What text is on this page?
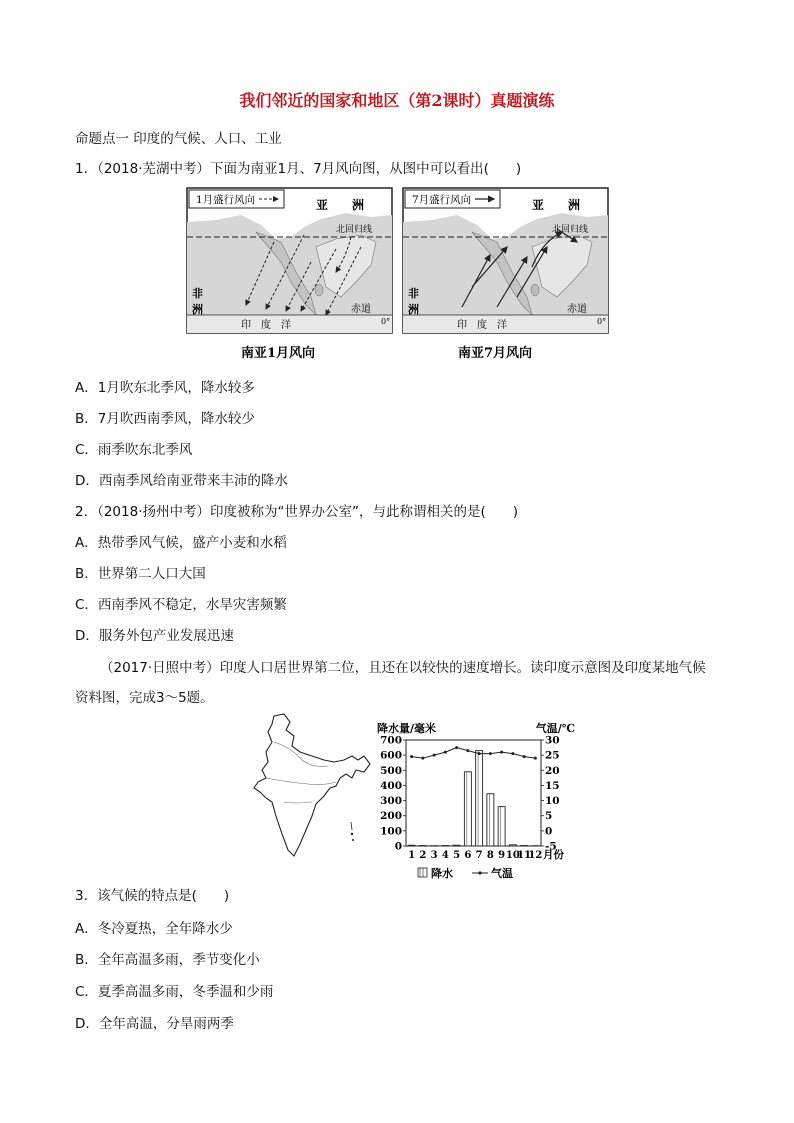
我们邻近的国家和地区（第2课时）真题演练
命题点一 印度的气候、人口、工业
1．（2018·芜湖中考）下面为南亚1月、7月风向图，从图中可以看出(　　)
1月盛行风向	亚　　洲
北回归线
非
洲
印　度　洋
赤道
0°
7月盛行风向	亚　　洲
北回归线
非
洲
印　度　洋
赤道
0°
南亚1月风向	南亚7月风向
A．1月吹东北季风，降水较多
B．7月吹西南季风，降水较少
C．雨季吹东北季风
D．西南季风给南亚带来丰沛的降水
2．（2018·扬州中考）印度被称为“世界办公室”，与此称谓相关的是(　　)
A．热带季风气候，盛产小麦和水稻
B．世界第二人口大国
C．西南季风不稳定，水旱灾害频繁
D．服务外包产业发展迅速
（2017·日照中考）印度人口居世界第二位，且还在以较快的速度增长。读印度示意图及印度某地气候
资料图，完成3～5题。
降水量/毫米	气温/℃
0
100
200
300
400
500
600
700
-5
0
5
10
15
20
25
30
1 2 3 4 5 6 7 8 9 10
11
12 月份
降水	气温
3．该气候的特点是(　　)
A．冬冷夏热，全年降水少
B．全年高温多雨，季节变化小
C．夏季高温多雨，冬季温和少雨
D．全年高温，分旱雨两季
